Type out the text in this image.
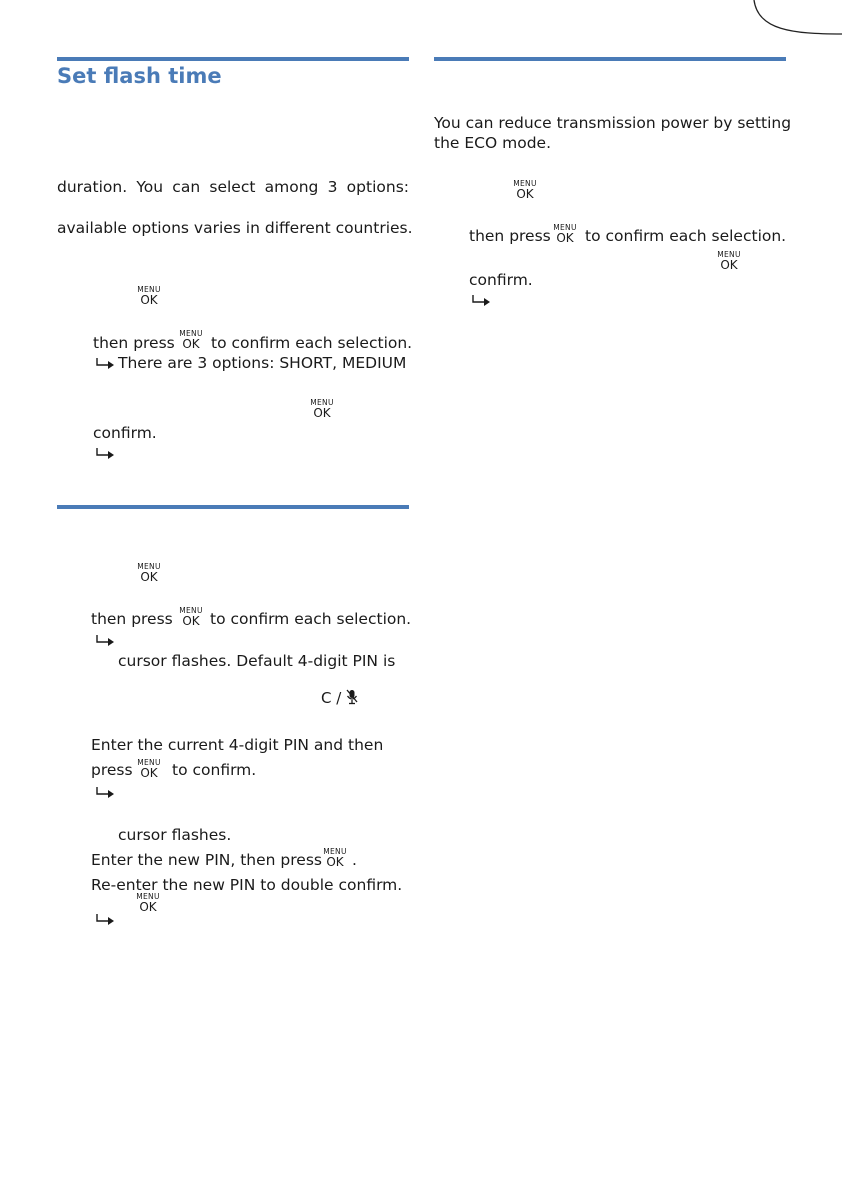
Set flash time
duration. You can select among 3 options:
available options varies in different countries.
MENU
OK
then press
MENU
OK to confirm each selection.
There are 3 options: SHORT, MEDIUM
MENU
OK
confirm.
MENU
OK
then press MENU
OK to confirm each selection.
cursor flashes. Default 4-digit PIN is
C /
Enter the current 4-digit PIN and then
press MENU
OK to confirm.
cursor flashes.
Enter the new PIN, then press MENU
OK .
Re-enter the new PIN to double confirm.
MENU
OK
You can reduce transmission power by setting
the ECO mode.
MENU
OK
then press MENU
OK to confirm each selection.
MENU
OK
confirm.
